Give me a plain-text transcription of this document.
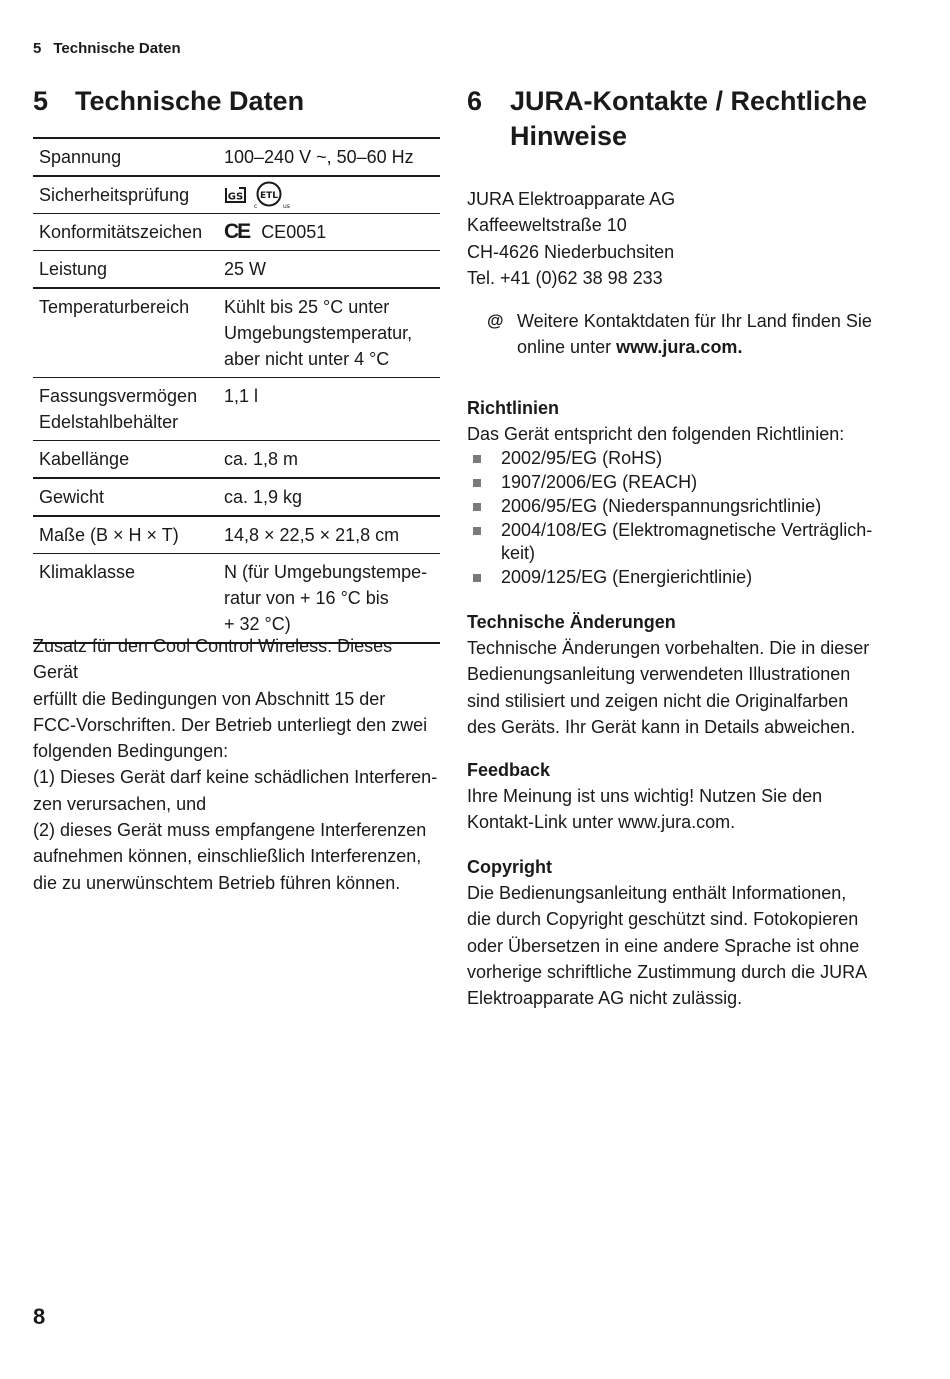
5 Technische Daten
5 Technische Daten
Spannung	100–240 V ~, 50–60 Hz
Sicherheitsprüfung	GS ETL
c us

Konformitätszeichen	CE CE0051

Leistung	25 W
Temperaturbereich	Kühlt bis 25 °C unter
Umgebungstemperatur,
aber nicht unter 4 °C

Fassungsvermögen
Edelstahlbehälter	1,1 l
Kabellänge	ca. 1,8 m
Gewicht	ca. 1,9 kg
Maße (B × H × T)	14,8 × 22,5 × 21,8 cm
Klimaklasse	N (für Umgebungstempe-
ratur von + 16 °C bis
+ 32 °C)
Zusatz für den Cool Control Wireless: Dieses Gerät
erfüllt die Bedingungen von Abschnitt 15 der
FCC-Vorschriften. Der Betrieb unterliegt den zwei
folgenden Bedingungen:
(1) Dieses Gerät darf keine schädlichen Interferen-
zen verursachen, und
(2) dieses Gerät muss empfangene Interferenzen
aufnehmen können, einschließlich Interferenzen,
die zu unerwünschtem Betrieb führen können.
6	JURA-Kontakte / Rechtliche
Hinweise
JURA Elektroapparate AG
Kaffeeweltstraße 10
CH-4626 Niederbuchsiten
Tel. +41 (0)62 38 98 233
@ Weitere Kontaktdaten für Ihr Land finden Sie
online unter www.jura.com.
Richtlinien
Das Gerät entspricht den folgenden Richtlinien:
2002/95/EG (RoHS)
1907/2006/EG (REACH)
2006/95/EG (Niederspannungsrichtlinie)
2004/108/EG (Elektromagnetische Verträglich-
keit)
2009/125/EG (Energierichtlinie)
Technische Änderungen
Technische Änderungen vorbehalten. Die in dieser
Bedienungsanleitung verwendeten Illustrationen
sind stilisiert und zeigen nicht die Originalfarben
des Geräts. Ihr Gerät kann in Details abweichen.
Feedback
Ihre Meinung ist uns wichtig! Nutzen Sie den
Kontakt-Link unter www.jura.com.
Copyright
Die Bedienungsanleitung enthält Informationen,
die durch Copyright geschützt sind. Fotokopieren
oder Übersetzen in eine andere Sprache ist ohne
vorherige schriftliche Zustimmung durch die JURA
Elektroapparate AG nicht zulässig.
8
